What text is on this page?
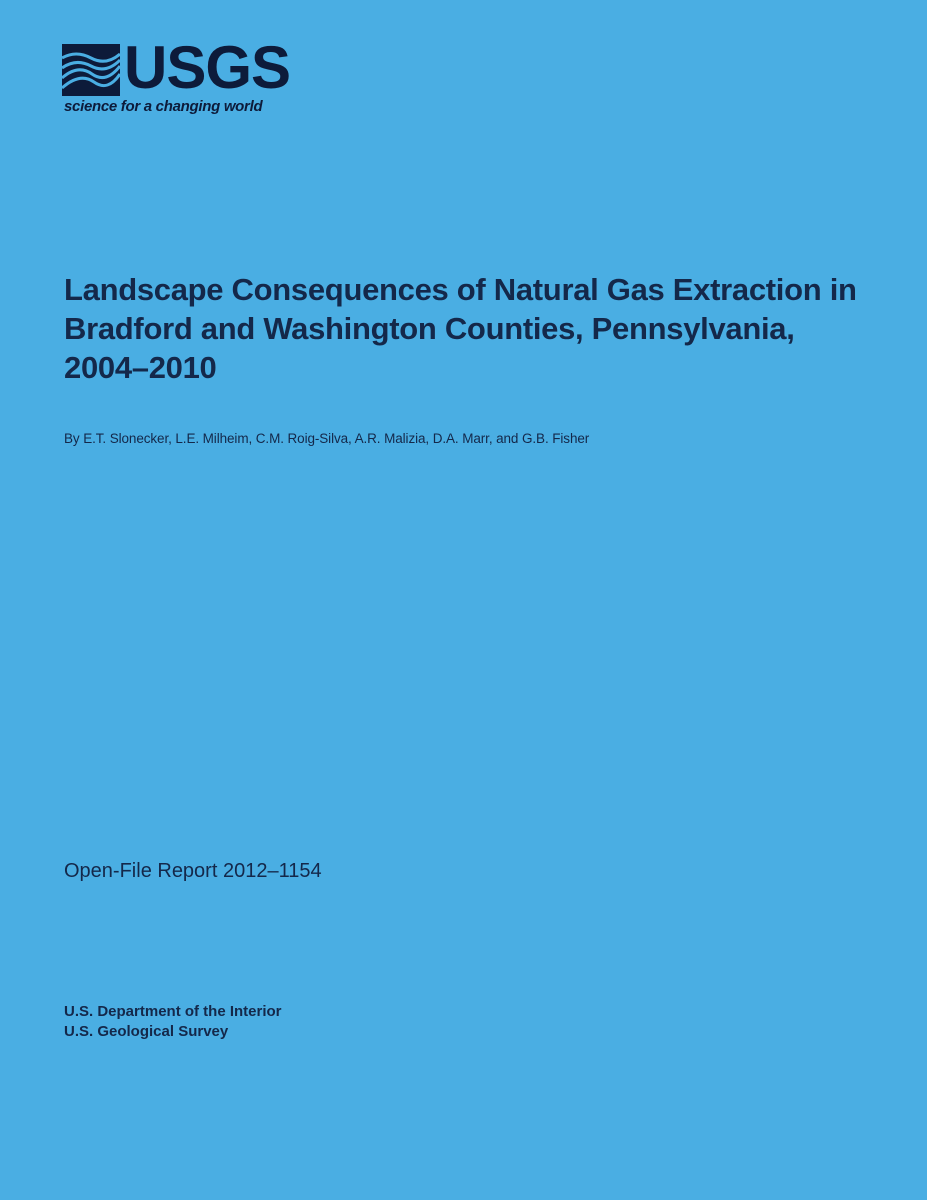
USGS
science for a changing world
Landscape Consequences of Natural Gas Extraction in
Bradford and Washington Counties, Pennsylvania,
2004–2010
By E.T. Slonecker, L.E. Milheim, C.M. Roig-Silva, A.R. Malizia, D.A. Marr, and G.B. Fisher
Open-File Report 2012–1154
U.S. Department of the Interior
U.S. Geological Survey
